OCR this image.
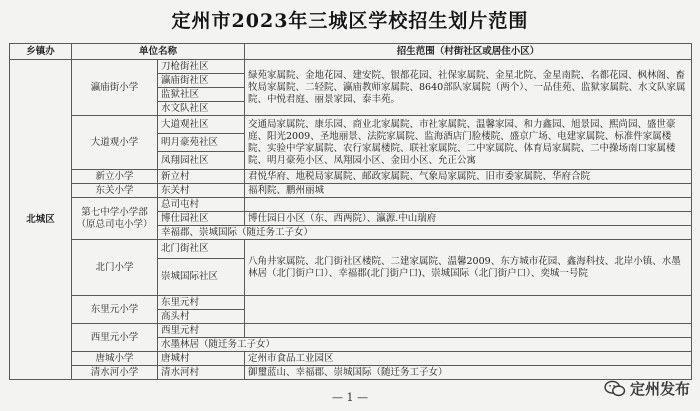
定州市2023年三城区学校招生划片范围
乡镇办	单位名称		招生范围（村街社区或居住小区）
北城区	瀛庙街小学	刀枪街社区	緑苑家属院、金地花园、建安院、银都花园、社保家属院、金星北院、金星南院、名都花园、枫林阁、畜牧局家属院、二轻院、瀛庙教师家属院、8640部队家属院（两个）、一品佳苑、监狱家属院、水文队家属院、中悦君庭、丽景家园、泰丰苑。
		瀛庙街社区	
		监狱社区	
		水文队社区	
	大道观小学	大道观社区	交通局家属院、康乐园、商业北家属院、市社家属院、温馨家园、和力鑫园、旭景园、熙尚园、盛世豪庭、阳光2009、圣地丽景、法院家属院、监海酒店门脸楼院、盛京广场、电建家属院、标准件家属楼院、实验中学家属院、农行家属楼院、联社家属院、二中家属院、体育局家属院、二中操场南口家属楼院、明月豪苑小区、凤翔园小区、金田小区、允正公寓
		明月豪苑社区	
		凤翔园社区	
	新立小学	新立村	君悦华府、地税局家属院、邮政家属院、气象局家属院、旧市委家属院、华府合院
	东关小学	东关村	福利院、鹏州丽城
	第七中学小学部（原总司屯小学）	总司屯村	
		博仕园社区	博仕园日小区（东、西两院）、瀛源.中山瑞府
		幸福郡、崇城国际（随迁务工子女）	
	北门小学	北门街社区	八角井家属院、北门街社区楼院、二建家属院、温馨2009、东方城市花园、鑫海科技、北岸小镇、水墨林居（北门街户口）、幸福郡(北门街户口)、崇城国际（北门街户口）、奕城一号院
		崇城国际社区	
	东里元小学	东里元村	
		高头村	
	西里元小学	西里元村	
		水墨林居（随迁务工子女）	
	唐城小学	唐城村	定州市食品工业园区
	清水河小学	清水河村	御璽蓝山、幸福郡、崇城国际（随迁务工子女）
定州发布
— 1 —
